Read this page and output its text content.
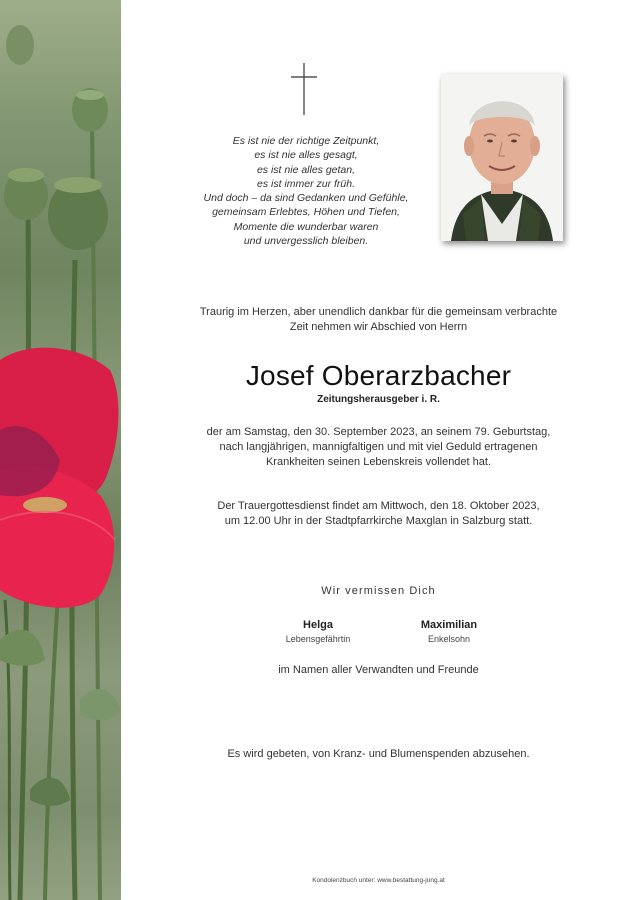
Es ist nie der richtige Zeitpunkt,
es ist nie alles gesagt,
es ist nie alles getan,
es ist immer zur früh.
Und doch – da sind Gedanken und Gefühle,
gemeinsam Erlebtes, Höhen und Tiefen,
Momente die wunderbar waren
und unvergesslich bleiben.
Traurig im Herzen, aber unendlich dankbar für die gemeinsam verbrachte
Zeit nehmen wir Abschied von Herrn
Josef Oberarzbacher
Zeitungsherausgeber i. R.
der am Samstag, den 30. September 2023, an seinem 79. Geburtstag,
nach langjährigen, mannigfaltigen und mit viel Geduld ertragenen
Krankheiten seinen Lebenskreis vollendet hat.
Der Trauergottesdienst findet am Mittwoch, den 18. Oktober 2023,
um 12.00 Uhr in der Stadtpfarrkirche Maxglan in Salzburg statt.
Wir vermissen Dich
Helga
Lebensgefährtin
Maximilian
Enkelsohn
im Namen aller Verwandten und Freunde
Es wird gebeten, von Kranz- und Blumenspenden abzusehen.
Kondolenzbuch unter: www.bestattung-jung.at
